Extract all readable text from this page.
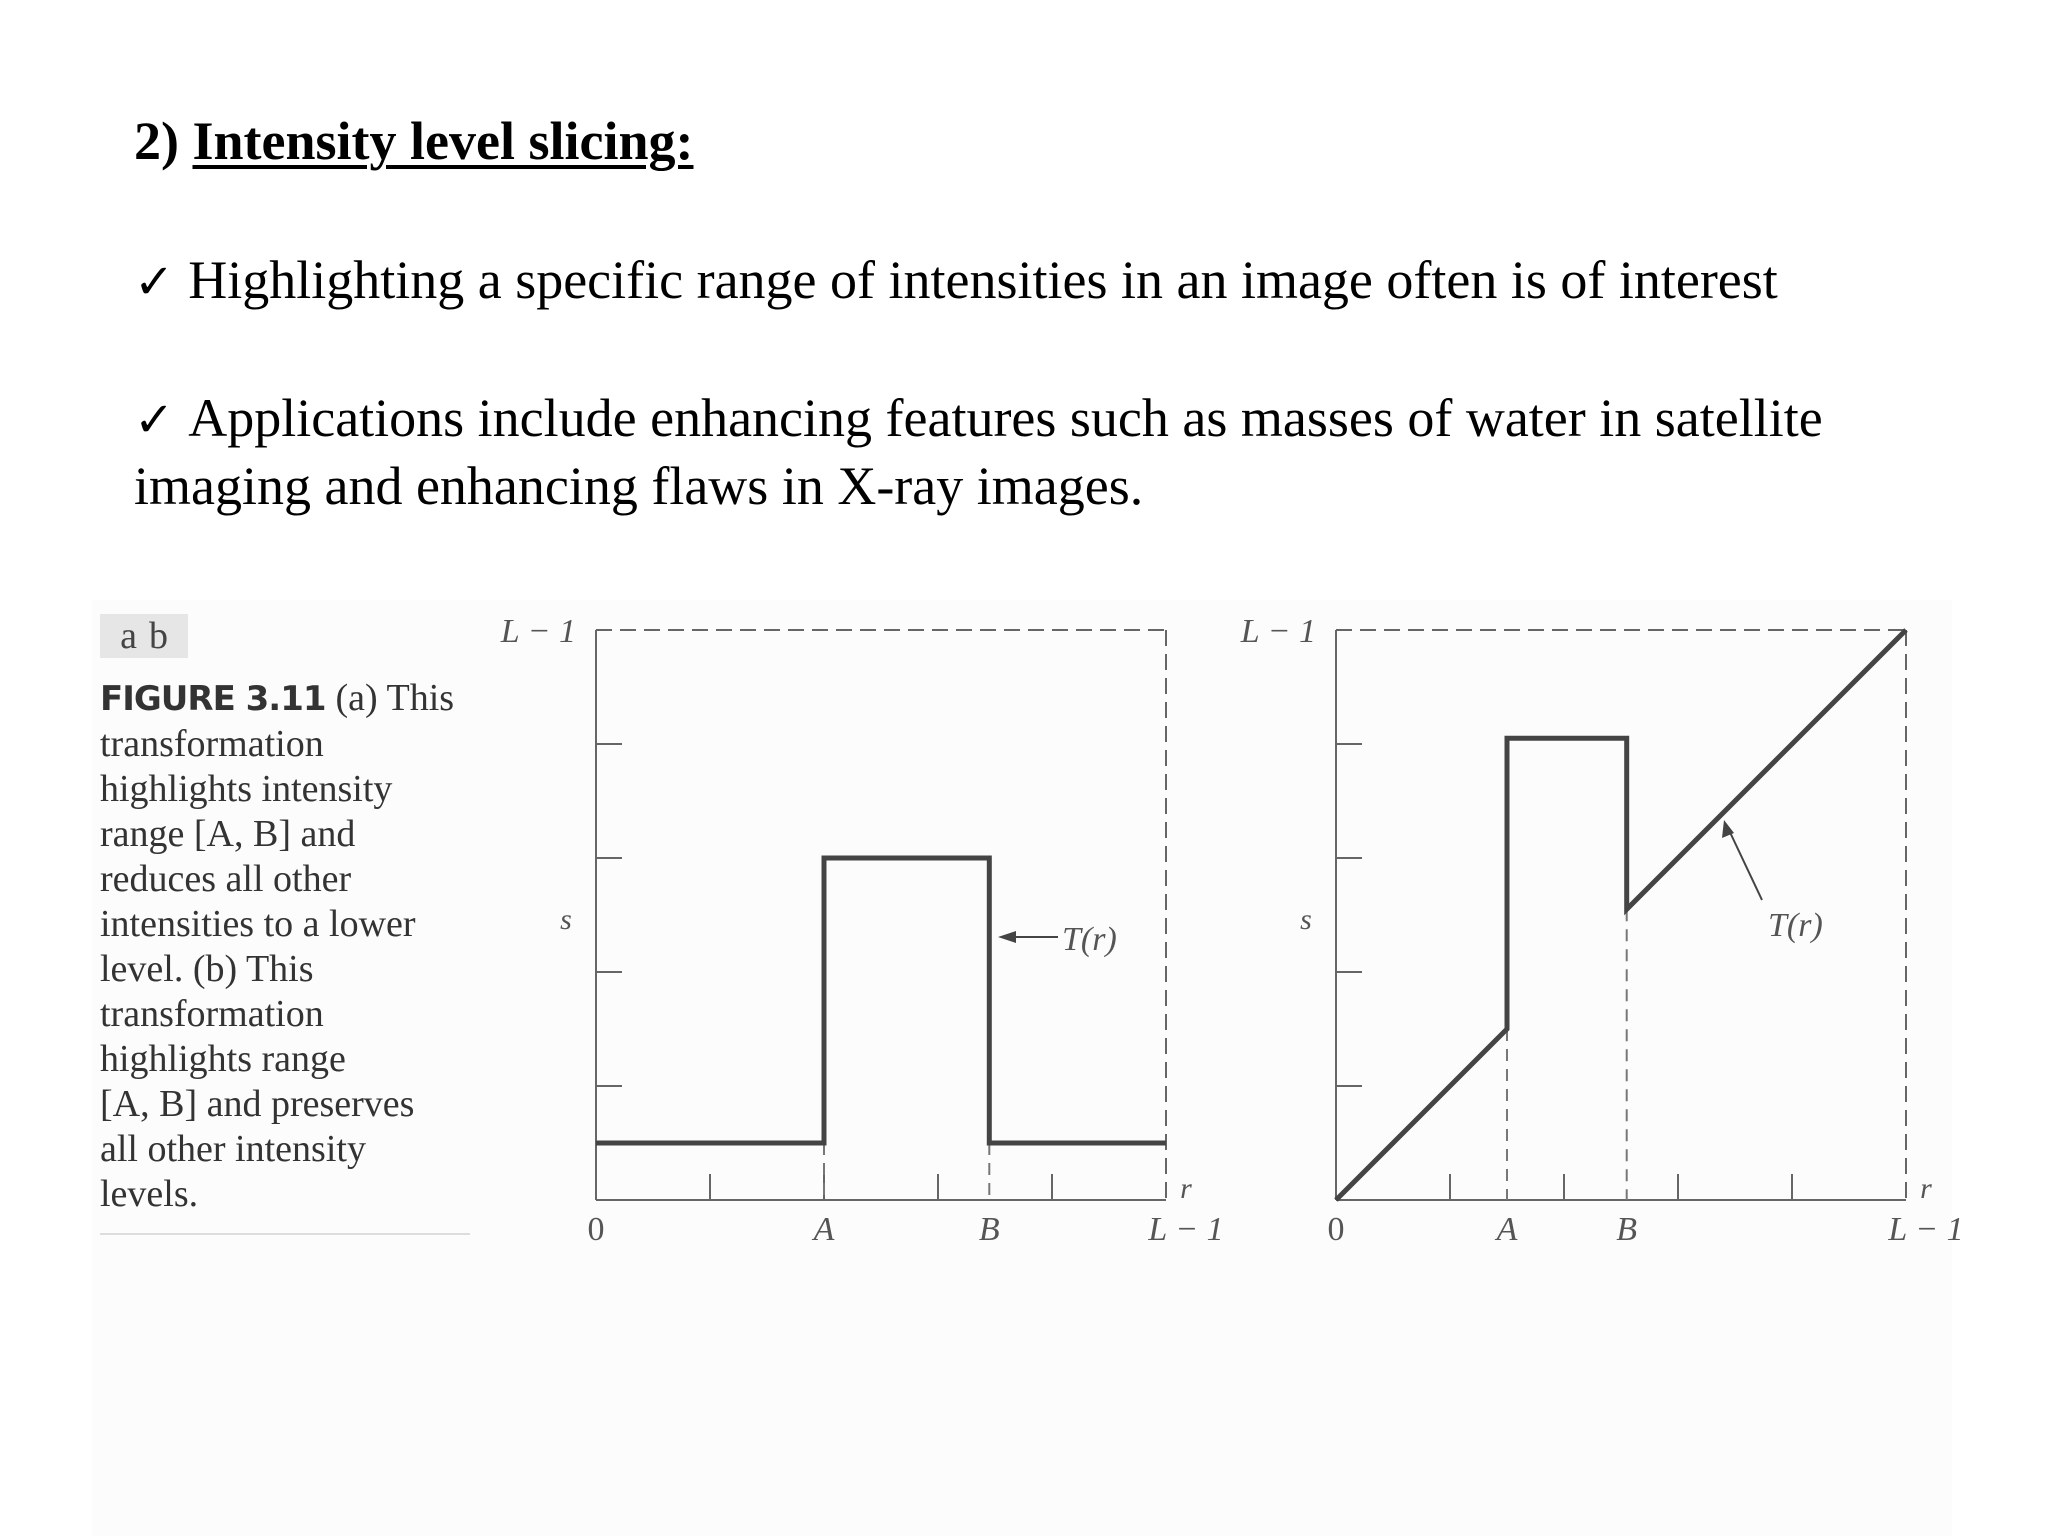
2) Intensity level slicing:
✓ Highlighting a specific range of intensities in an image often is of interest
✓ Applications include enhancing features such as masses of water in satellite
imaging and enhancing flaws in X-ray images.
a b
FIGURE 3.11 (a) This
transformation
highlights intensity
range [A, B] and
reduces all other
intensities to a lower
level. (b) This
transformation
highlights range
[A, B] and preserves
all other intensity
levels.
L − 1
s
r
0	A	B	L − 1
T(r)
L − 1
s
r
0	A	B	L − 1
T(r)
